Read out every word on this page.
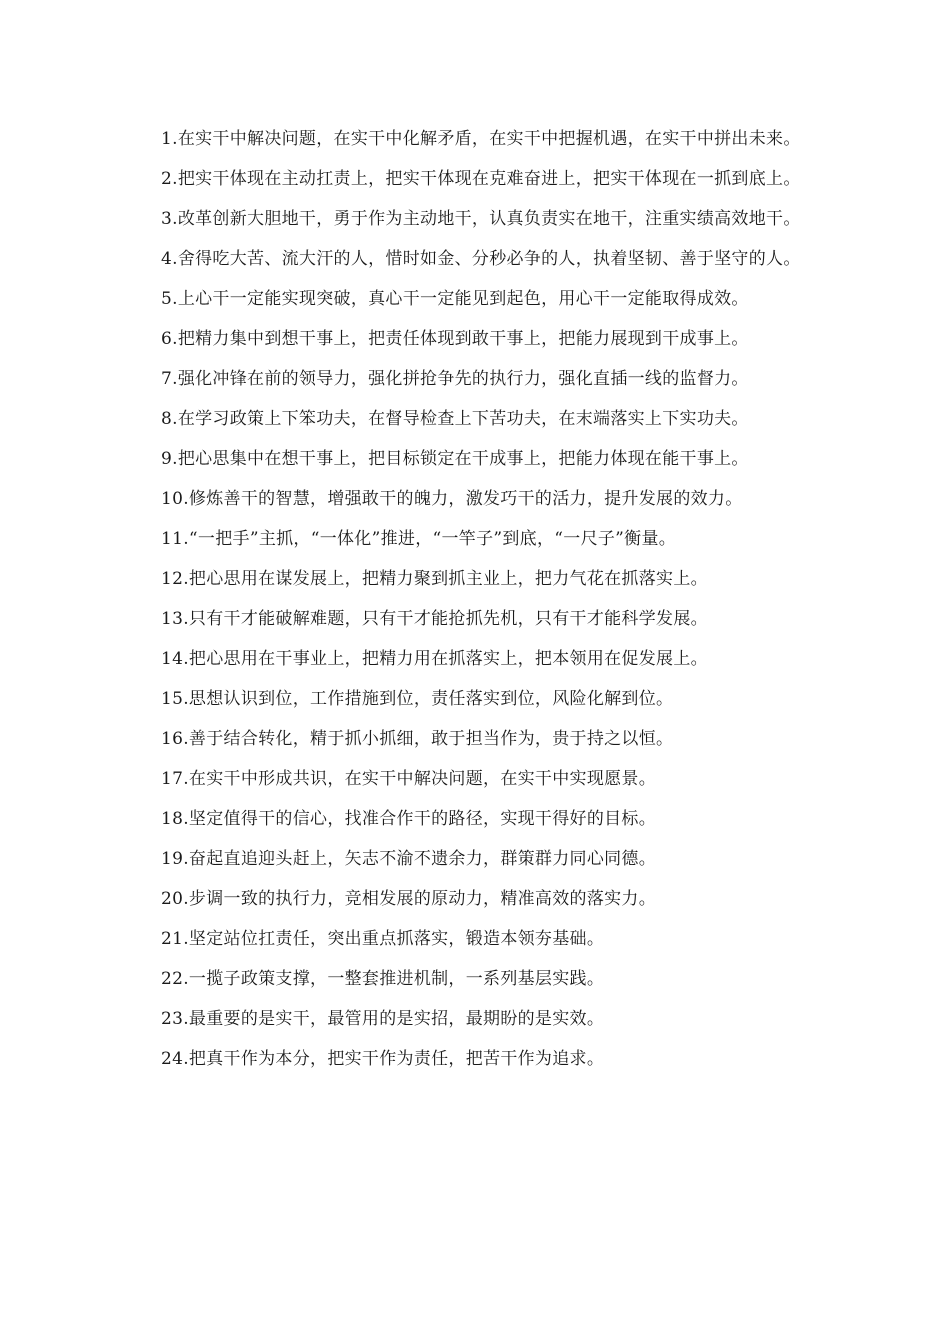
1.在实干中解决问题，在实干中化解矛盾，在实干中把握机遇，在实干中拼出未来。

2.把实干体现在主动扛责上，把实干体现在克难奋进上，把实干体现在一抓到底上。

3.改革创新大胆地干，勇于作为主动地干，认真负责实在地干，注重实绩高效地干。

4.舍得吃大苦、流大汗的人，惜时如金、分秒必争的人，执着坚韧、善于坚守的人。

5.上心干一定能实现突破，真心干一定能见到起色，用心干一定能取得成效。

6.把精力集中到想干事上，把责任体现到敢干事上，把能力展现到干成事上。

7.强化冲锋在前的领导力，强化拼抢争先的执行力，强化直插一线的监督力。

8.在学习政策上下笨功夫，在督导检查上下苦功夫，在末端落实上下实功夫。

9.把心思集中在想干事上，把目标锁定在干成事上，把能力体现在能干事上。

10.修炼善干的智慧，增强敢干的魄力，激发巧干的活力，提升发展的效力。

11.“一把手”主抓，“一体化”推进，“一竿子”到底，“一尺子”衡量。

12.把心思用在谋发展上，把精力聚到抓主业上，把力气花在抓落实上。

13.只有干才能破解难题，只有干才能抢抓先机，只有干才能科学发展。

14.把心思用在干事业上，把精力用在抓落实上，把本领用在促发展上。

15.思想认识到位，工作措施到位，责任落实到位，风险化解到位。

16.善于结合转化，精于抓小抓细，敢于担当作为，贵于持之以恒。

17.在实干中形成共识，在实干中解决问题，在实干中实现愿景。

18.坚定值得干的信心，找准合作干的路径，实现干得好的目标。

19.奋起直追迎头赶上，矢志不渝不遗余力，群策群力同心同德。

20.步调一致的执行力，竞相发展的原动力，精准高效的落实力。

21.坚定站位扛责任，突出重点抓落实，锻造本领夯基础。

22.一揽子政策支撑，一整套推进机制，一系列基层实践。

23.最重要的是实干，最管用的是实招，最期盼的是实效。

24.把真干作为本分，把实干作为责任，把苦干作为追求。
